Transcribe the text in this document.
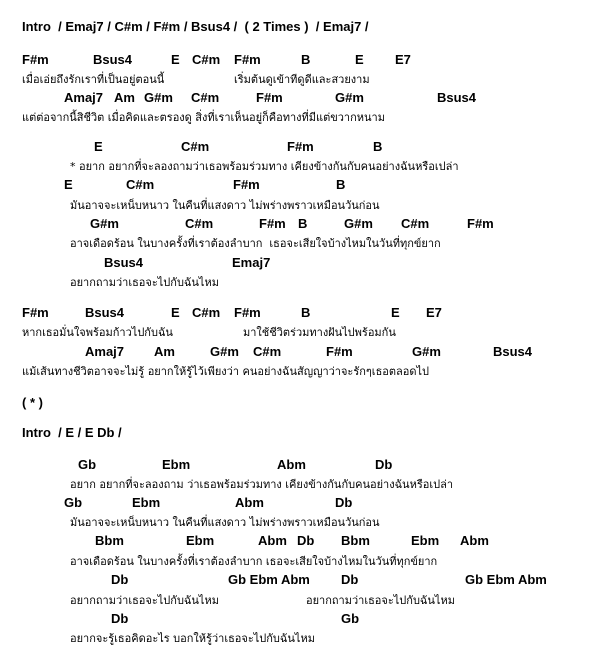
Intro  / Emaj7 / C#m / F#m / Bsus4 /  ( 2 Times )  / Emaj7 /
F#m	Bsus4	E C#m F#m	B	E E7
เมื่อเอ่ยถึงรักเราที่เป็นอยู่ตอนนี้	เริ่มต้นดูเข้าทีดูดีและสวยงาม
Amaj7 Am G#m C#m	F#m	G#m	Bsus4
แต่ต่อจากนี้สิชีวิต เมื่อคิดและตรองดู สิ่งที่เราเห็นอยู่ก็คือทางที่มีแต่ขวากหนาม
E	C#m	F#m	B
* อยาก อยากที่จะลองถามว่าเธอพร้อมร่วมทาง เคียงข้างกันกับคนอย่างฉันหรือเปล่า
E	C#m	F#m	B
มันอาจจะเหน็บหนาว ในคืนที่แสงดาว ไม่พร่างพราวเหมือนวันก่อน
G#m	C#m	F#m B	G#m C#m	F#m
อาจเดือดร้อน ในบางครั้งที่เราต้องลำบาก  เธอจะเสียใจบ้างไหมในวันที่ทุกข์ยาก
Bsus4	Emaj7
อยากถามว่าเธอจะไปกับฉันไหม
F#m	Bsus4	E C#m F#m	B	E E7
หากเธอมั่นใจพร้อมก้าวไปกับฉัน	มาใช้ชีวิตร่วมทางฝันไปพร้อมกัน
Amaj7 Am	G#m C#m	F#m	G#m	Bsus4
แม้เส้นทางชีวิตอาจจะไม่รู้ อยากให้รู้ไว้เพียงว่า คนอย่างฉันสัญญาว่าจะรักๆเธอตลอดไป
( * )
Intro  / E / E Db /
Gb	Ebm	Abm	Db
อยาก อยากที่จะลองถาม ว่าเธอพร้อมร่วมทาง เคียงข้างกันกับคนอย่างฉันหรือเปล่า
Gb	Ebm	Abm	Db
มันอาจจะเหน็บหนาว ในคืนที่แสงดาว ไม่พร่างพราวเหมือนวันก่อน
Bbm	Ebm	Abm Db Bbm	Ebm Abm
อาจเดือดร้อน ในบางครั้งที่เราต้องลำบาก เธอจะเสียใจบ้างไหมในวันที่ทุกข์ยาก
Db	Gb Ebm Abm Db	Gb Ebm Abm
อยากถามว่าเธอจะไปกับฉันไหม	อยากถามว่าเธอจะไปกับฉันไหม
Db	Gb
อยากจะรู้เธอคิดอะไร บอกให้รู้ว่าเธอจะไปกับฉันไหม
